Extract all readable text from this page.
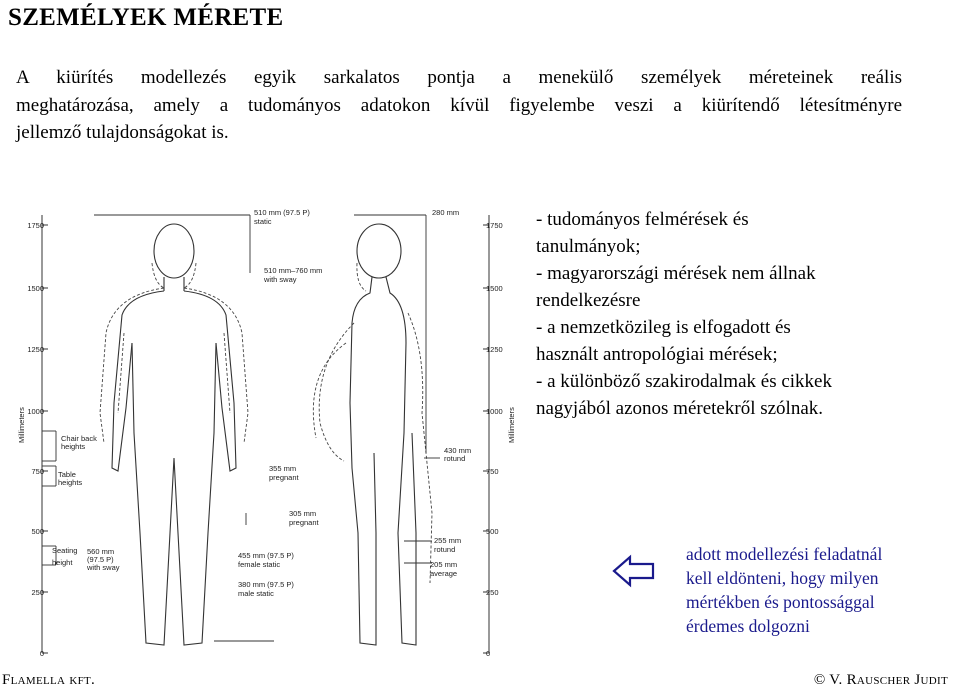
SZEMÉLYEK MÉRETE
A kiürítés modellezés egyik sarkalatos pontja a menekülő személyek méreteinek reális
meghatározása, amely a tudományos adatokon kívül figyelembe veszi a kiürítendő létesítményre
jellemző tulajdonságokat is.
1750
1500
1250
1000
750
500
250
0
1750
1500
1250
1000
750
500
250
0
Millimeters	Millimeters
Chair back
heights
Table
heights
Seating
height
560 mm
(97.5 P)
with sway
510 mm (97.5 P)
static
510 mm–760 mm
with sway
280 mm
430 mm
rotund
355 mm
pregnant
305 mm
pregnant
455 mm (97.5 P)
female static
380 mm (97.5 P)
male static
255 mm
rotund
205 mm
average
- tudományos felmérések és
tanulmányok;
- magyarországi mérések nem állnak
rendelkezésre
- a nemzetközileg is elfogadott és
használt antropológiai mérések;
- a különböző szakirodalmak és cikkek
nagyjából azonos méretekről szólnak.
adott modellezési feladatnál
kell eldönteni, hogy milyen
mértékben és pontossággal
érdemes dolgozni
Flamella kft.	© V. Rauscher Judit
